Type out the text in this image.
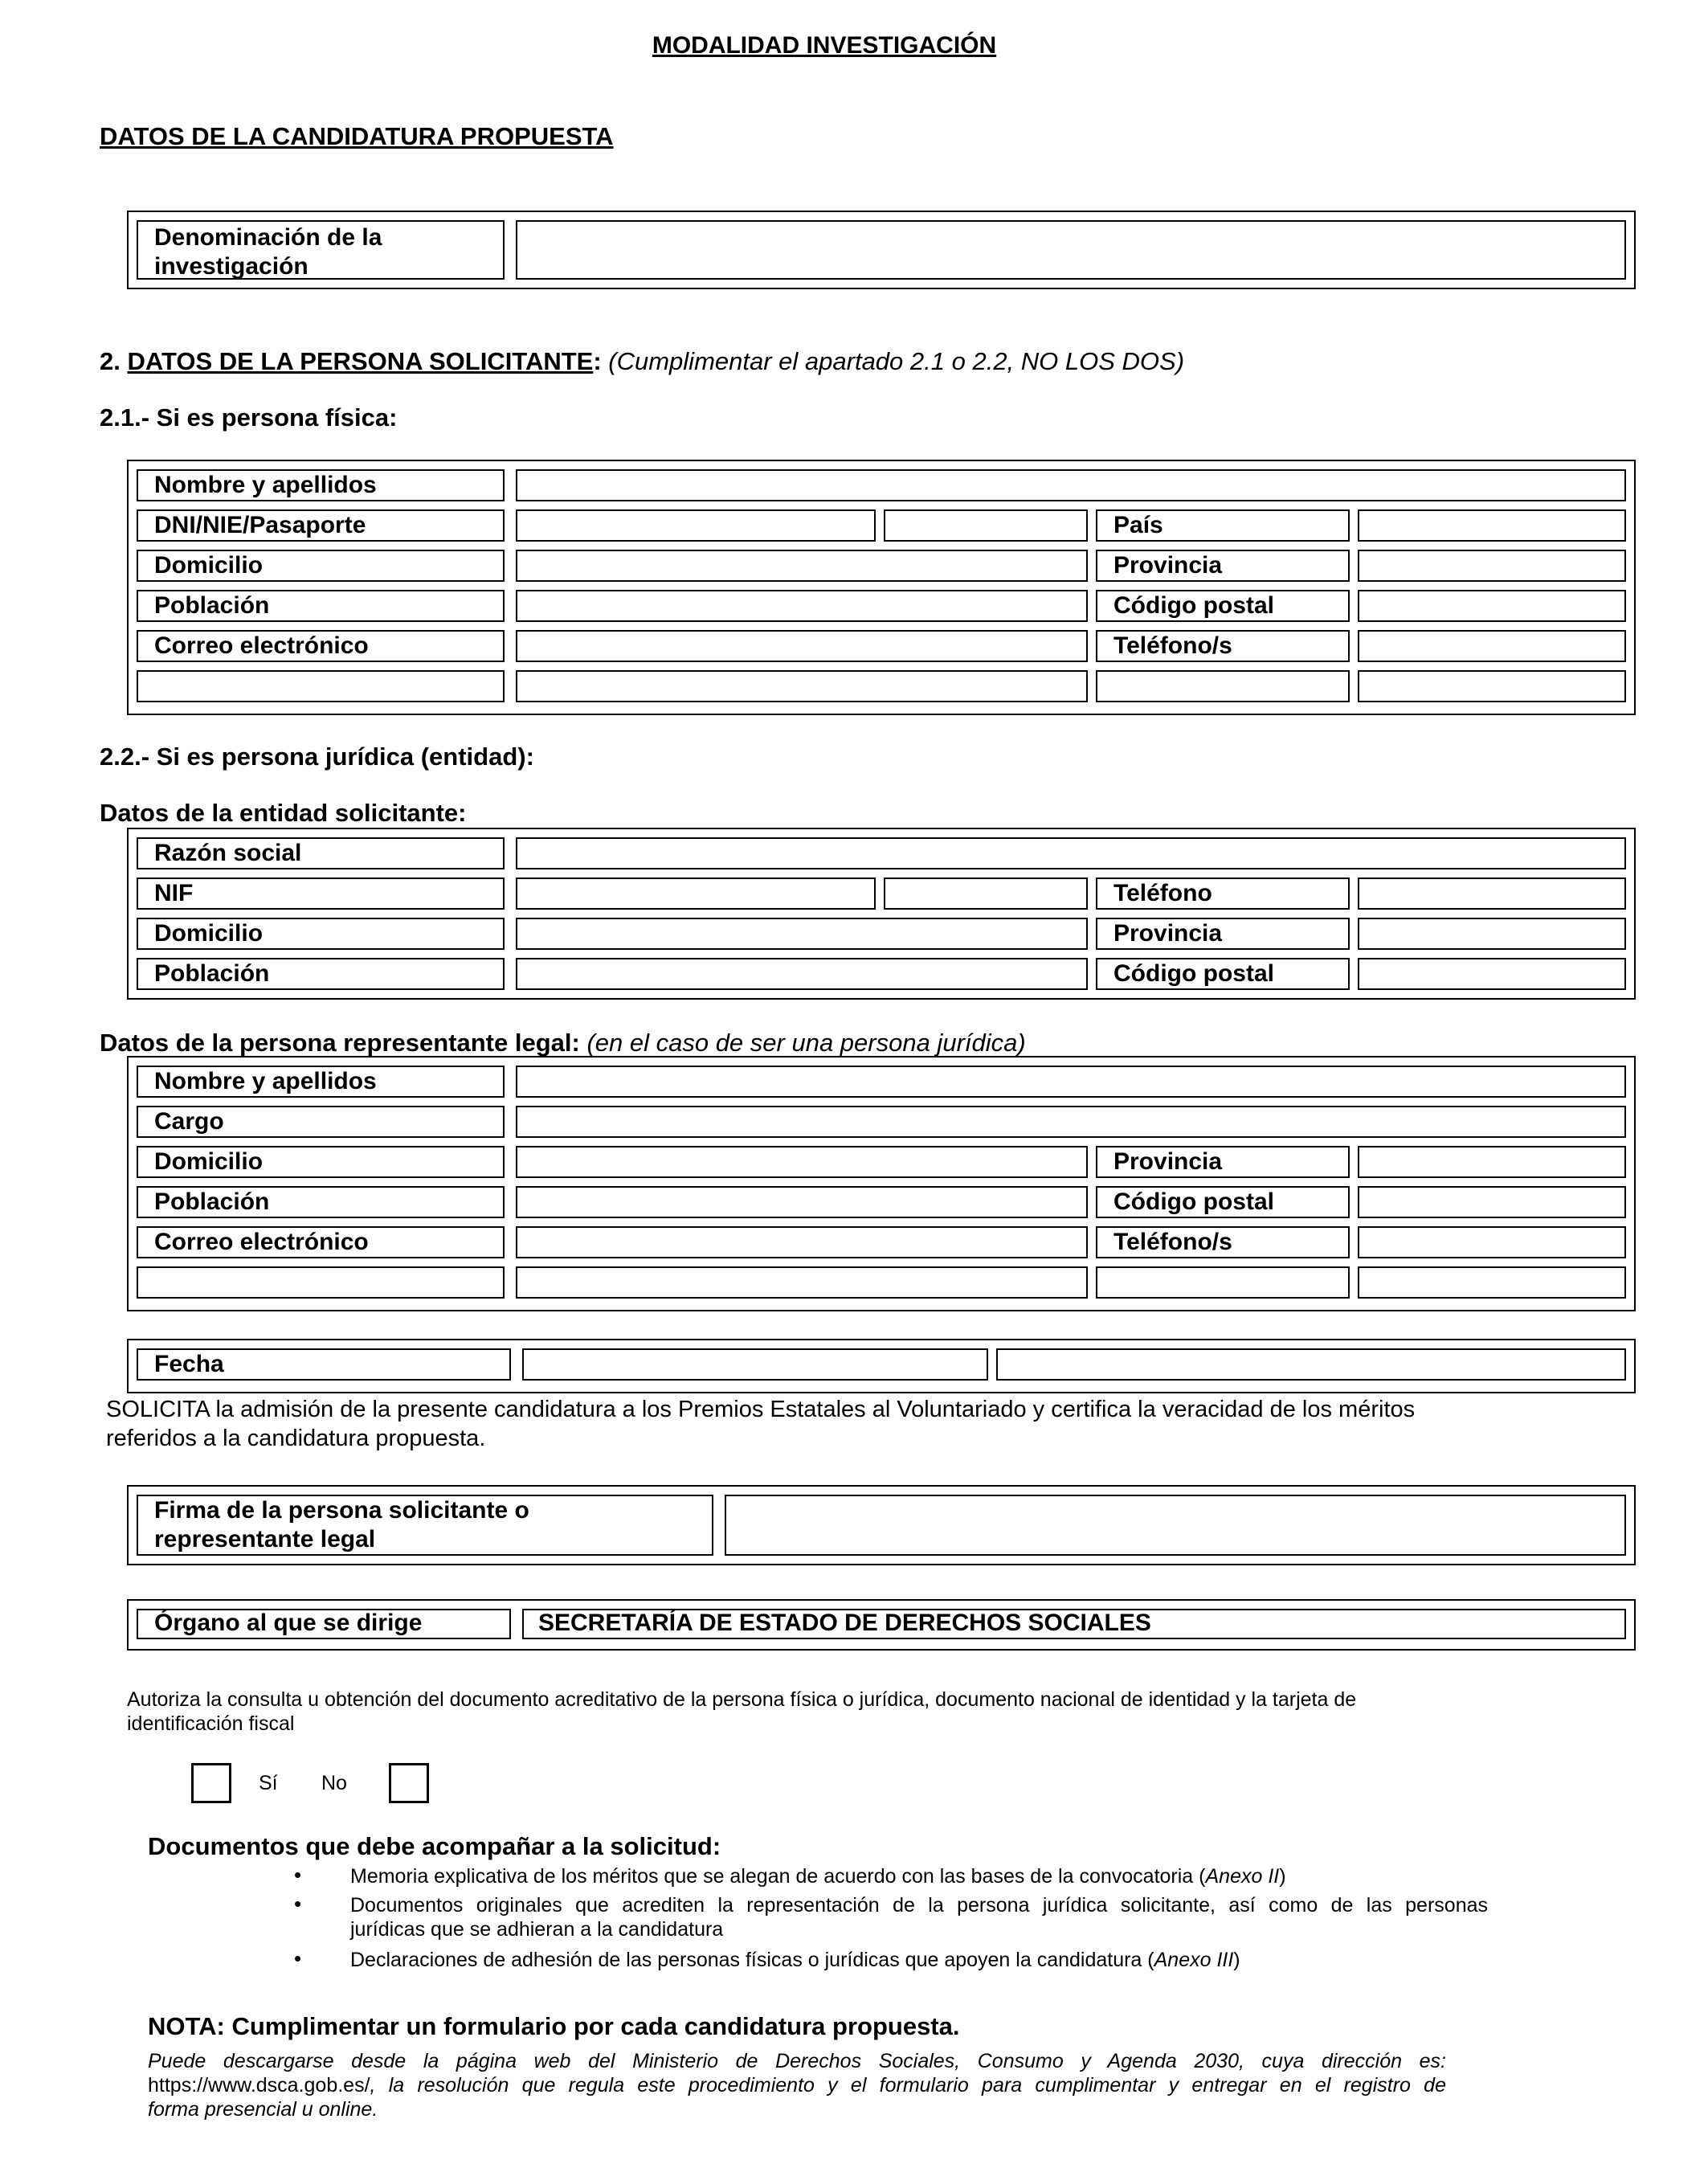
MODALIDAD INVESTIGACIÓN
DATOS DE LA CANDIDATURA PROPUESTA
Denominación de la
investigación
2. DATOS DE LA PERSONA SOLICITANTE: (Cumplimentar el apartado 2.1 o 2.2, NO LOS DOS)
2.1.- Si es persona física:
Nombre y apellidos
DNI/NIE/Pasaporte	País
Domicilio	Provincia
Población	Código postal
Correo electrónico	Teléfono/s
2.2.- Si es persona jurídica (entidad):
Datos de la entidad solicitante:
Razón social
NIF	Teléfono
Domicilio	Provincia
Población	Código postal
Datos de la persona representante legal: (en el caso de ser una persona jurídica)
Nombre y apellidos
Cargo
Domicilio	Provincia
Población	Código postal
Correo electrónico	Teléfono/s
Fecha
SOLICITA la admisión de la presente candidatura a los Premios Estatales al Voluntariado y certifica la veracidad de los méritos
referidos a la candidatura propuesta.
Firma de la persona solicitante o
representante legal
Órgano al que se dirige	SECRETARÍA DE ESTADO DE DERECHOS SOCIALES
Autoriza la consulta u obtención del documento acreditativo de la persona física o jurídica, documento nacional de identidad y la tarjeta de
identificación fiscal
Sí No
Documentos que debe acompañar a la solicitud:
• Memoria explicativa de los méritos que se alegan de acuerdo con las bases de la convocatoria (Anexo II)
• Documentos originales que acrediten la representación de la persona jurídica solicitante, así como de las personas
jurídicas que se adhieran a la candidatura
• Declaraciones de adhesión de las personas físicas o jurídicas que apoyen la candidatura (Anexo III)
NOTA: Cumplimentar un formulario por cada candidatura propuesta.
Puede descargarse desde la página web del Ministerio de Derechos Sociales, Consumo y Agenda 2030, cuya dirección es:
https://www.dsca.gob.es/, la resolución que regula este procedimiento y el formulario para cumplimentar y entregar en el registro de
forma presencial u online.
